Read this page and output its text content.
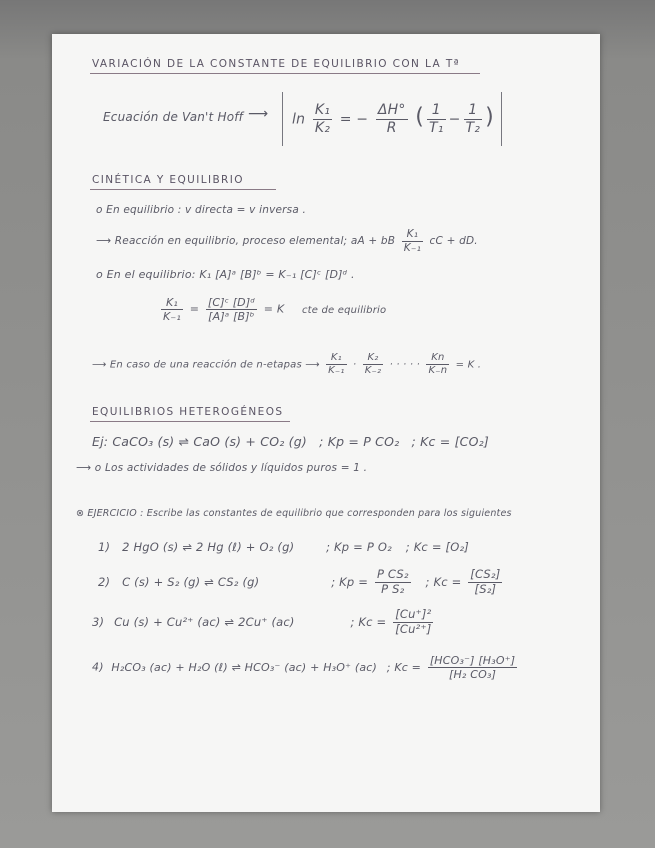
VARIACIÓN DE LA CONSTANTE DE EQUILIBRIO CON LA Tª
Ecuación de Van't Hoff ⟶ $\ln \frac{\text{K₁}}{\text{K₂}}$ = − $\frac{\Delta H^\circ}{R}$ ( $\frac{1}{\text{T₁}} - \frac{1}{\text{T₂}}$ )
CINÉTICA Y EQUILIBRIO
o En equilibrio : v directa = v inversa .
⟶ Reacción en equilibrio, proceso elemental; aA + bB $\frac{\text{K₁}}{\text{K₋₁}}$ cC + dD.
o En el equilibrio: K₁ [A]ᵃ [B]ᵇ = K₋₁ [C]ᶜ [D]ᵈ .
$\frac{\text{K₁}}{\text{K₋₁}} = \frac{\text{[C]ᶜ [D]ᵈ}}{\text{[A]ᵃ [B]ᵇ}} = K$ cte de equilibrio
⟶ En caso de una reacción de n-etapas ⟶ $\frac{\text{K₁}}{\text{K₋₁}} \cdot \frac{\text{K₂}}{\text{K₋₂}}$ · · · · · $\frac{Kn}{K_-n} = K$ .
EQUILIBRIOS HETEROGÉNEOS
Ej: CaCO₃ (s) ⇌ CaO (s) + CO₂ (g) ; Kp = P CO₂ ; Kc = [CO₂]
⟶ o Los actividades de sólidos y líquidos puros = 1 .
⊗ EJERCICIO : Escribe las constantes de equilibrio que corresponden para los siguientes
1) 2 HgO (s) ⇌ 2 Hg (ℓ) + O₂ (g)	; Kp = P O₂ ; Kc = [O₂]
2) C (s) + S₂ (g) ⇌ CS₂ (g)	; $Kp = \frac{\text{P CS₂}}{\text{P S₂}}$ ; $Kc = \frac{\text{[CS₂]}}{\text{[S₂]}}$
3) Cu (s) + Cu²⁺ (ac) ⇌ 2Cu⁺ (ac)	; $Kc = \frac{\text{[Cu⁺]²}}{\text{[Cu²⁺]}}$
4) H₂CO₃ (ac) + H₂O (ℓ) ⇌ HCO₃⁻ (ac) + H₃O⁺ (ac) ; $Kc = \frac{\text{[HCO₃⁻] [H₃O⁺]}}{\text{[H₂ CO₃]}}$
